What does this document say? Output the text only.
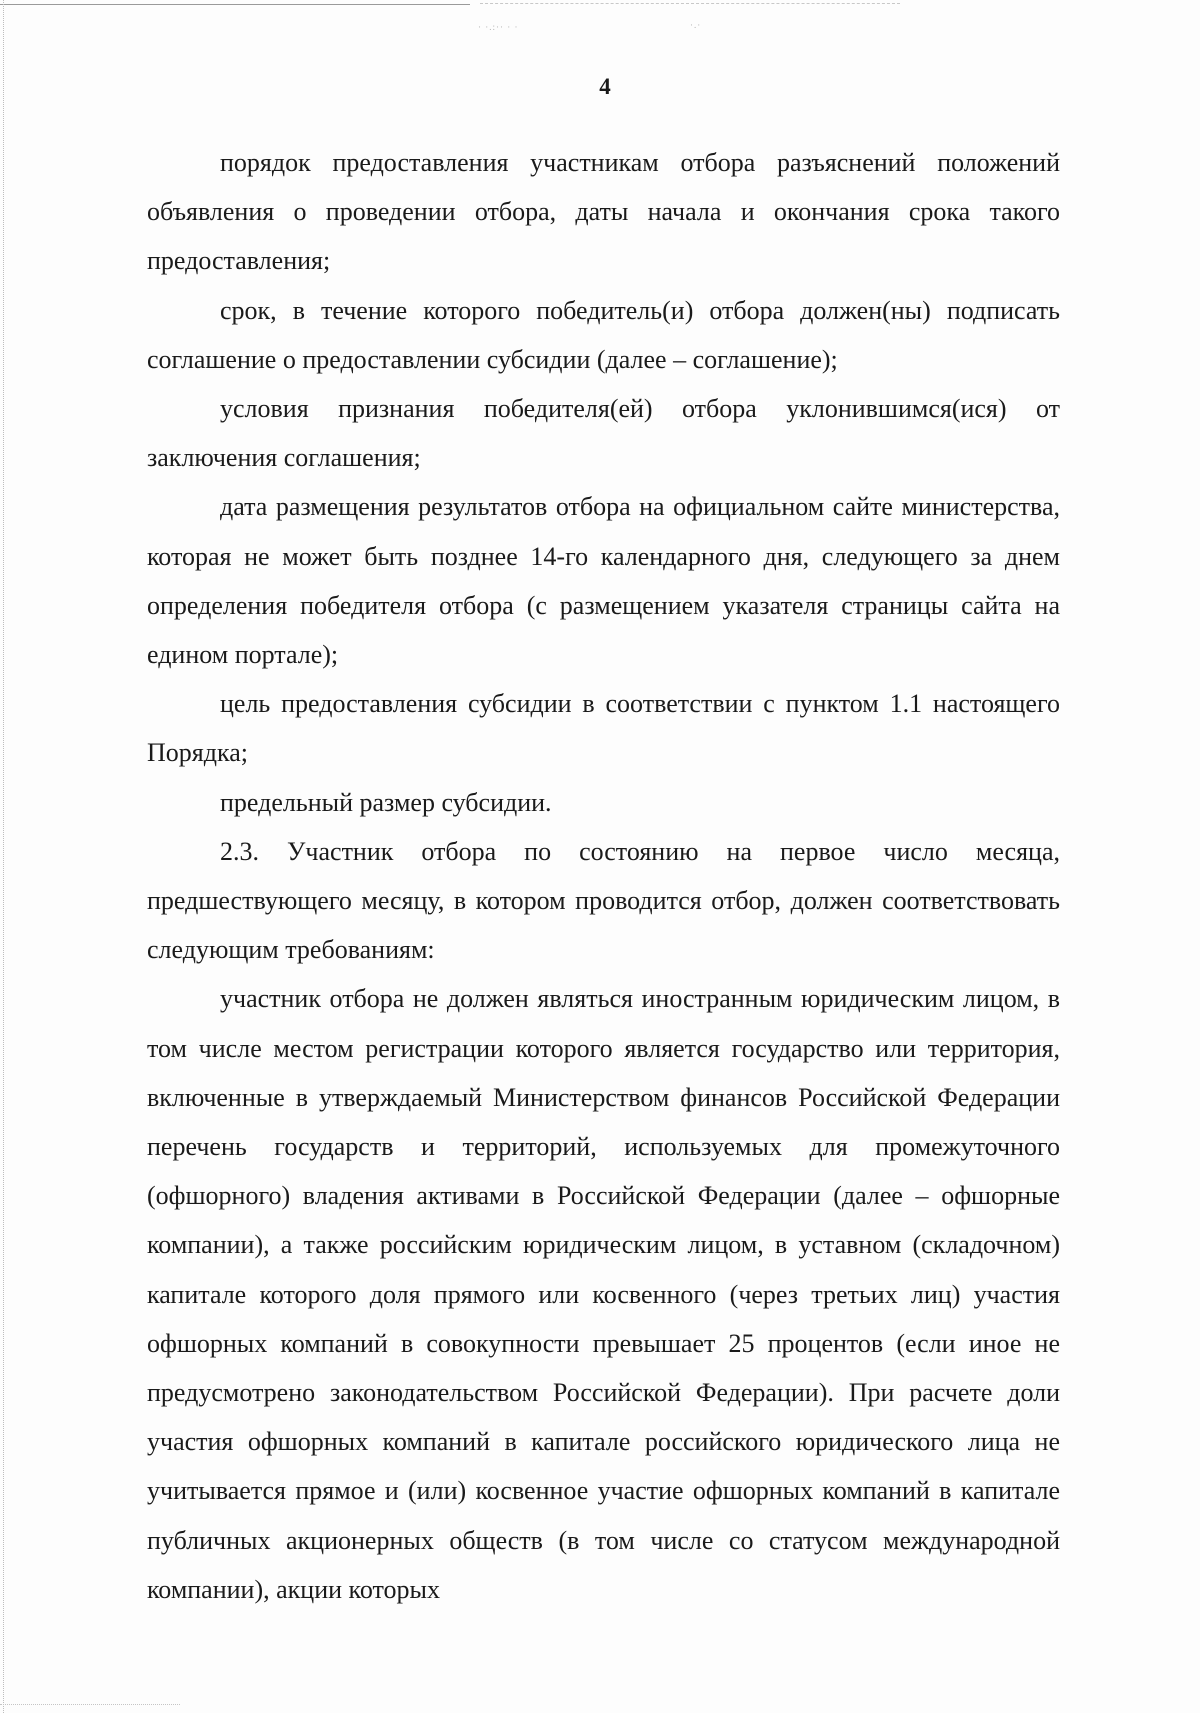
· ·.:·· · ·	·.·
4

порядок предоставления участникам отбора разъяснений положений объявления о проведении отбора, даты начала и окончания срока такого предоставления;

срок, в течение которого победитель(и) отбора должен(ны) подписать соглашение о предоставлении субсидии (далее – соглашение);

условия признания победителя(ей) отбора уклонившимся(ися) от заключения соглашения;

дата размещения результатов отбора на официальном сайте министерства, которая не может быть позднее 14-го календарного дня, следующего за днем определения победителя отбора (с размещением указателя страницы сайта на едином портале);

цель предоставления субсидии в соответствии с пунктом 1.1 настоящего Порядка;

предельный размер субсидии.

2.3. Участник отбора по состоянию на первое число месяца, предшествующего месяцу, в котором проводится отбор, должен соответствовать следующим требованиям:

участник отбора не должен являться иностранным юридическим лицом, в том числе местом регистрации которого является государство или территория, включенные в утверждаемый Министерством финансов Российской Федерации перечень государств и территорий, используемых для промежуточного (офшорного) владения активами в Российской Федерации (далее – офшорные компании), а также российским юридическим лицом, в уставном (складочном) капитале которого доля прямого или косвенного (через третьих лиц) участия офшорных компаний в совокупности превышает 25 процентов (если иное не предусмотрено законодательством Российской Федерации). При расчете доли участия офшорных компаний в капитале российского юридического лица не учитывается прямое и (или) косвенное участие офшорных компаний в капитале публичных акционерных обществ (в том числе со статусом международной компании), акции которых
